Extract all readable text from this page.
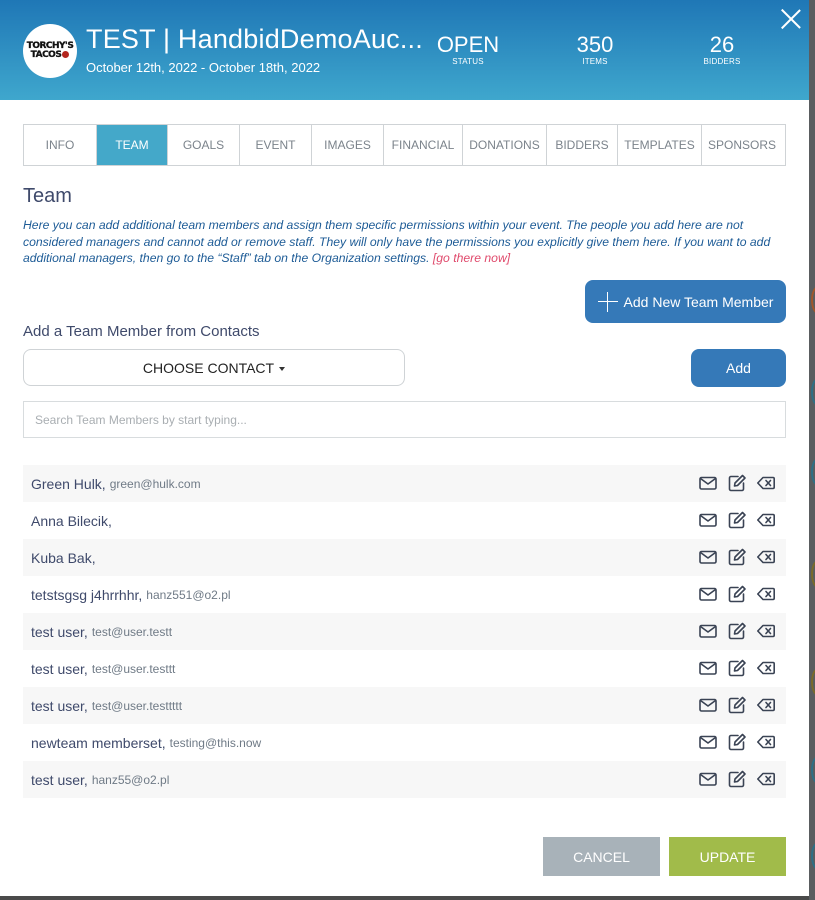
TORCHY'S
TACOS
TEST | HandbidDemoAuc...
October 12th, 2022 - October 18th, 2022
OPEN
STATUS
350
ITEMS
26
BIDDERS
INFO	TEAM	GOALS	EVENT	IMAGES	FINANCIAL	DONATIONS	BIDDERS	TEMPLATES	SPONSORS
Team
Here you can add additional team members and assign them specific permissions within your event. The people you add here are not considered managers and cannot add or remove staff. They will only have the permissions you explicitly give them here. If you want to add additional managers, then go to the “Staff” tab on the Organization settings. [go there now]
Add New Team Member
Add a Team Member from Contacts
CHOOSE CONTACT	Add
Search Team Members by start typing...
Green Hulk, green@hulk.com
Anna Bilecik,
Kuba Bak,
tetstsgsg j4hrrhhr, hanz551@o2.pl
test user, test@user.testt
test user, test@user.testtt
test user, test@user.testtttt
newteam memberset, testing@this.now
test user, hanz55@o2.pl
CANCEL	UPDATE
